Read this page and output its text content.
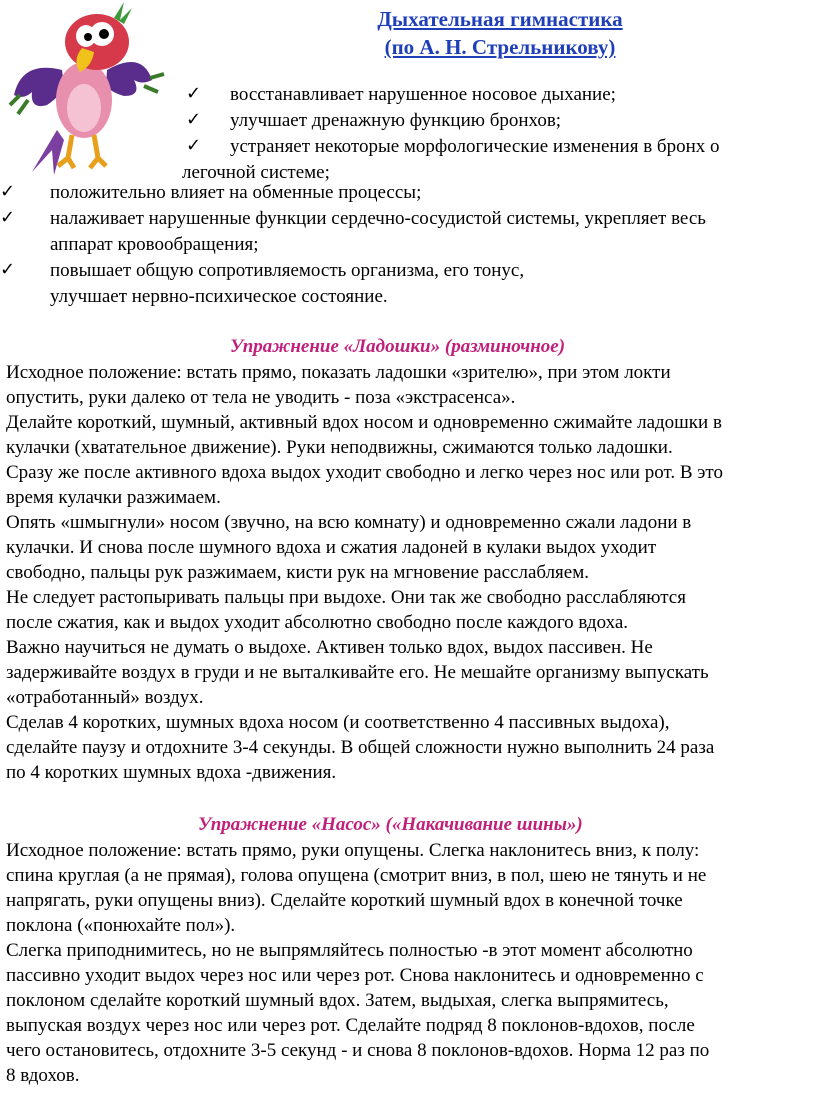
Дыхательная гимнастика
(по А. Н. Стрельникову)
✓ восстанавливает нарушенное носовое дыхание;
✓ улучшает дренажную функцию бронхов;
✓ устраняет некоторые морфологические изменения в бронх о
легочной системе;
✓ положительно влияет на обменные процессы;
✓ налаживает нарушенные функции сердечно-сосудистой системы, укрепляет весь
аппарат кровообращения;
✓ повышает общую сопротивляемость организма, его тонус,
улучшает нервно-психическое состояние.
Упражнение «Ладошки» (разминочное)
Исходное положение: встать прямо, показать ладошки «зрителю», при этом локти
опустить, руки далеко от тела не уводить - поза «экстрасенса».
Делайте короткий, шумный, активный вдох носом и одновременно сжимайте ладошки в
кулачки (хватательное движение). Руки неподвижны, сжимаются только ладошки.
Сразу же после активного вдоха выдох уходит свободно и легко через нос или рот. В это
время кулачки разжимаем.
Опять «шмыгнули» носом (звучно, на всю комнату) и одновременно сжали ладони в
кулачки. И снова после шумного вдоха и сжатия ладоней в кулаки выдох уходит
свободно, пальцы рук разжимаем, кисти рук на мгновение расслабляем.
Не следует растопыривать пальцы при выдохе. Они так же свободно расслабляются
после сжатия, как и выдох уходит абсолютно свободно после каждого вдоха.
Важно научиться не думать о выдохе. Активен только вдох, выдох пассивен. Не
задерживайте воздух в груди и не выталкивайте его. Не мешайте организму выпускать
«отработанный» воздух.
Сделав 4 коротких, шумных вдоха носом (и соответственно 4 пассивных выдоха),
сделайте паузу и отдохните 3-4 секунды. В общей сложности нужно выполнить 24 раза
по 4 коротких шумных вдоха -движения.
Упражнение «Насос» («Накачивание шины»)
Исходное положение: встать прямо, руки опущены. Слегка наклонитесь вниз, к полу:
спина круглая (а не прямая), голова опущена (смотрит вниз, в пол, шею не тянуть и не
напрягать, руки опущены вниз). Сделайте короткий шумный вдох в конечной точке
поклона («понюхайте пол»).
Слегка приподнимитесь, но не выпрямляйтесь полностью -в этот момент абсолютно
пассивно уходит выдох через нос или через рот. Снова наклонитесь и одновременно с
поклоном сделайте короткий шумный вдох. Затем, выдыхая, слегка выпрямитесь,
выпуская воздух через нос или через рот. Сделайте подряд 8 поклонов-вдохов, после
чего остановитесь, отдохните 3-5 секунд - и снова 8 поклонов-вдохов. Норма 12 раз по
8 вдохов.
